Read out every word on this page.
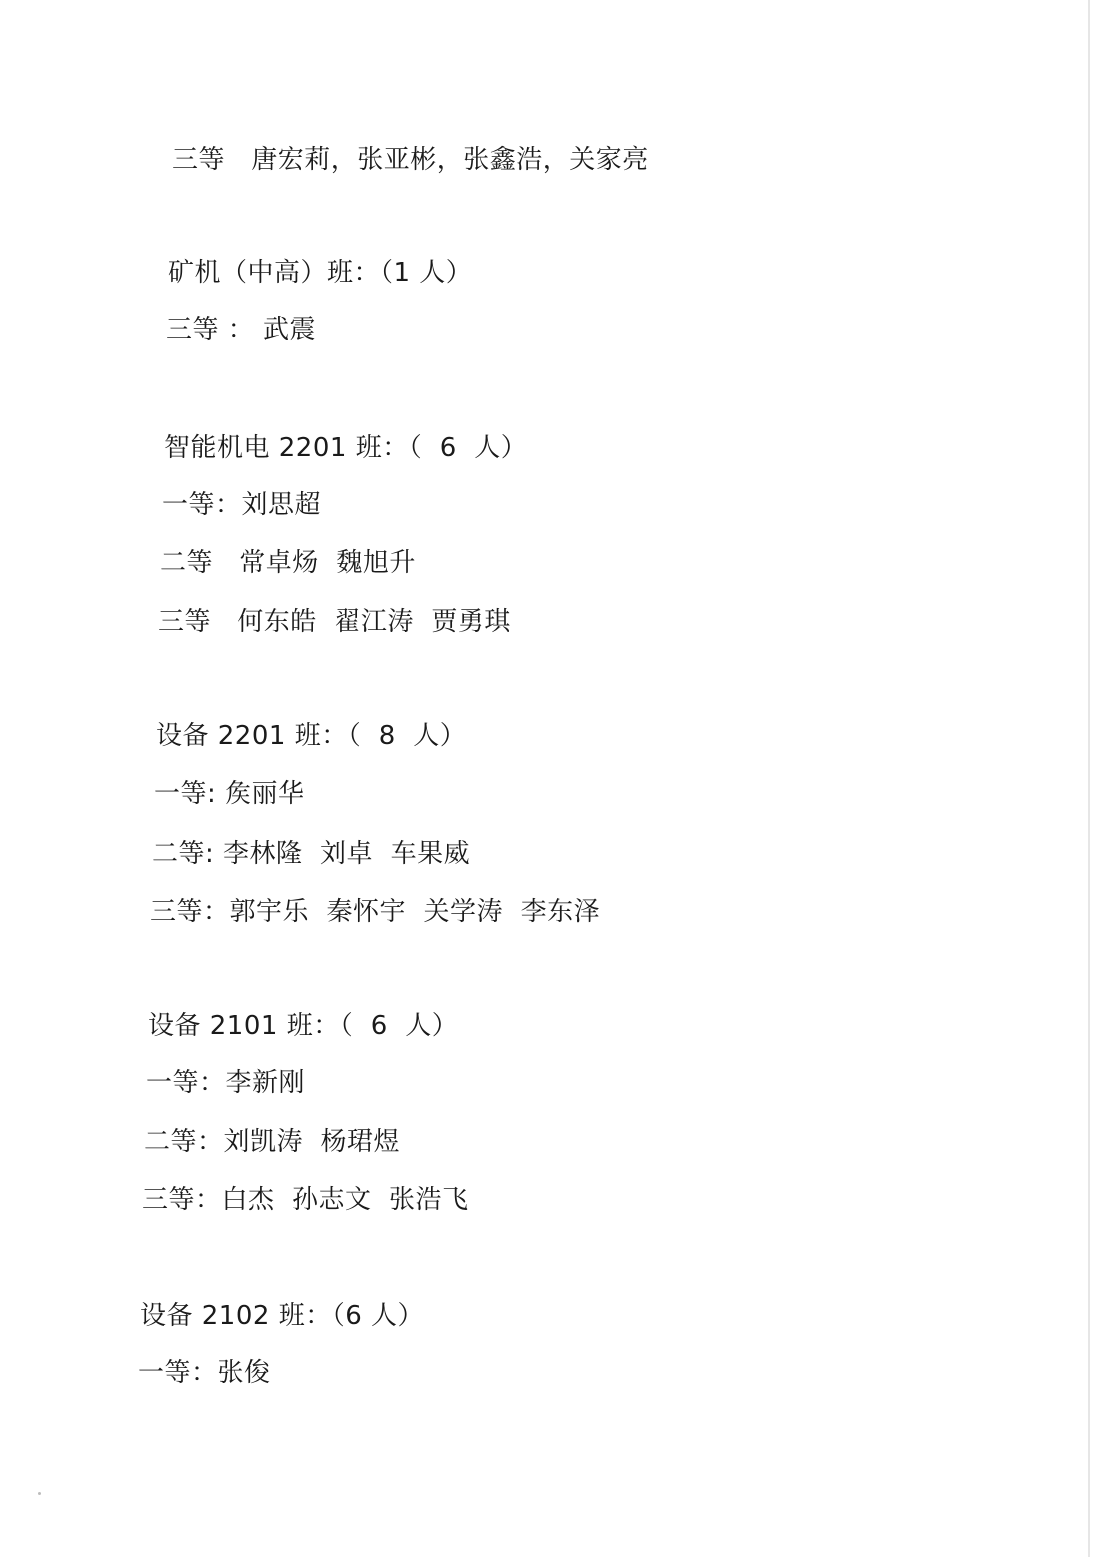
三等   唐宏莉，张亚彬，张鑫浩，关家亮
矿机（中高）班：（1 人）
三等 ： 武震
智能机电 2201 班：（  6  人）
一等：刘思超
二等   常卓炀  魏旭升
三等   何东皓  翟江涛  贾勇琪
设备 2201 班：（  8  人）
一等: 矦丽华
二等: 李林隆  刘卓  车果威
三等：郭宇乐  秦怀宇  关学涛  李东泽
设备 2101 班：（  6  人）
一等：李新刚
二等：刘凯涛  杨珺煜
三等：白杰  孙志文  张浩飞
设备 2102 班：（6 人）
一等：张俊
